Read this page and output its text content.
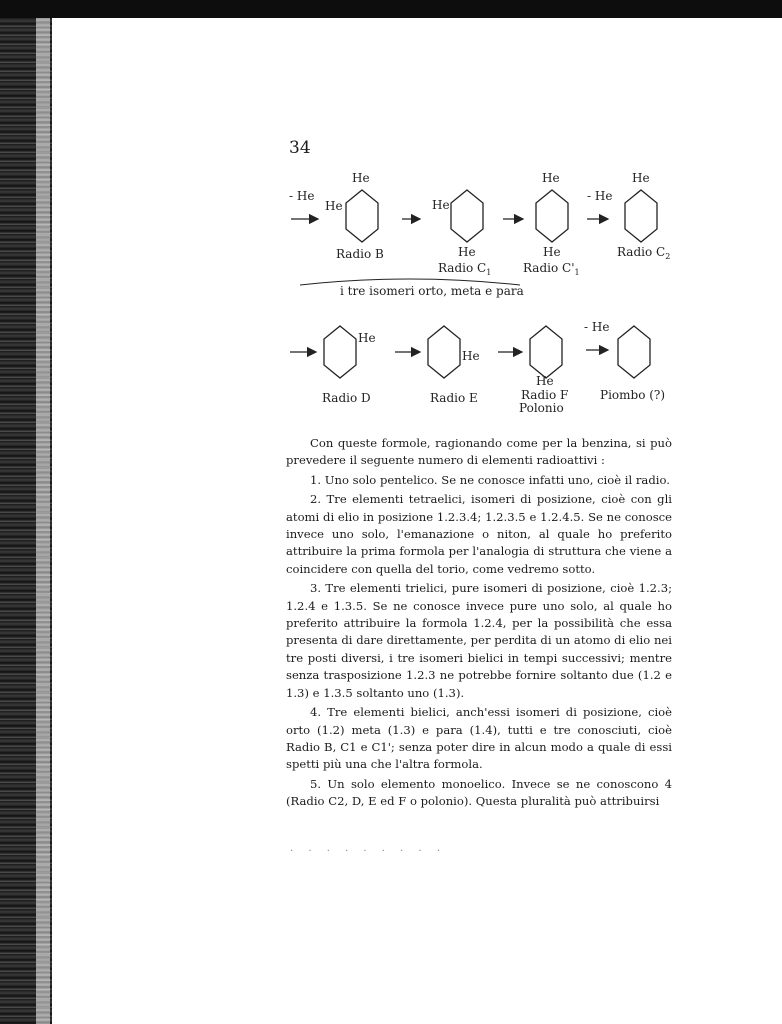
34
- He
He
He
Radio B
He
He
Radio $C_1$
He
He
Radio $C'_1$
- He
He
Radio $C_2$
i tre isomeri orto, meta e para
He
Radio D
He
Radio E
He
Radio F
Polonio
- He
Piombo (?)

Con queste formole, ragionando come per la benzina, si può prevedere il seguente numero di elementi radioattivi :

1. Uno solo pentelico. Se ne conosce infatti uno, cioè il radio.

2. Tre elementi tetraelici, isomeri di posizione, cioè con gli atomi di elio in posizione 1.2.3.4; 1.2.3.5 e 1.2.4.5. Se ne conosce invece uno solo, l'emanazione o niton, al quale ho preferito attribuire la prima formola per l'analogia di struttura che viene a coincidere con quella del torio, come vedremo sotto.

3. Tre elementi trielici, pure isomeri di posizione, cioè 1.2.3; 1.2.4 e 1.3.5. Se ne conosce invece pure uno solo, al quale ho preferito attribuire la formola 1.2.4, per la possibilità che essa presenta di dare direttamente, per perdita di un atomo di elio nei tre posti diversi, i tre isomeri bielici in tempi successivi; mentre senza trasposizione 1.2.3 ne potrebbe fornire soltanto due (1.2 e 1.3) e 1.3.5 soltanto uno (1.3).

4. Tre elementi bielici, anch'essi isomeri di posizione, cioè orto (1.2) meta (1.3) e para (1.4), tutti e tre conosciuti, cioè Radio B, C1 e C1'; senza poter dire in alcun modo a quale di essi spetti più una che l'altra formola.

5. Un solo elemento monoelico. Invece se ne conoscono 4 (Radio C2, D, E ed F o polonio). Questa pluralità può attribuirsi

· · · · · · · · ·
